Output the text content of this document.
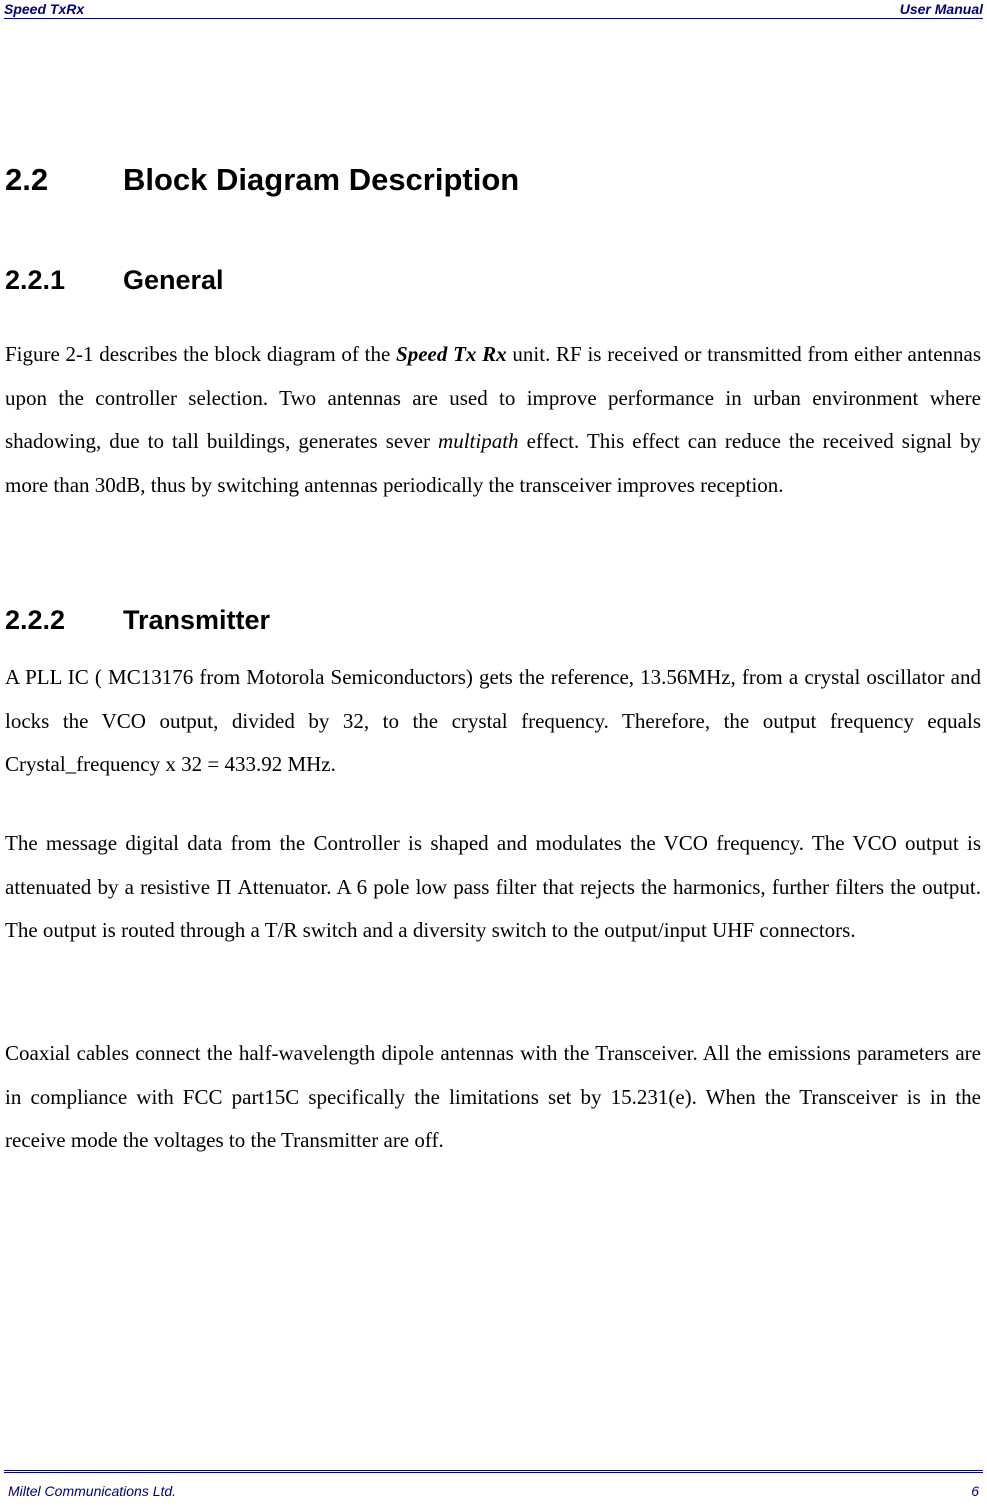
Speed TxRx	User Manual
2.2 Block Diagram Description
2.2.1 General

Figure 2-1 describes the block diagram of the Speed Tx Rx unit. RF is received or transmitted from either antennas upon the controller selection. Two antennas are used to improve performance in urban environment where shadowing, due to tall buildings, generates sever multipath effect. This effect can reduce the received signal by more than 30dB, thus by switching antennas periodically the transceiver improves reception.

2.2.2 Transmitter

A PLL IC ( MC13176 from Motorola Semiconductors) gets the reference, 13.56MHz, from a crystal oscillator and locks the VCO output, divided by 32, to the crystal frequency. Therefore, the output frequency equals Crystal_frequency x 32 = 433.92 MHz.

The message digital data from the Controller is shaped and modulates the VCO frequency. The VCO output is attenuated by a resistive Π Attenuator. A 6 pole low pass filter that rejects the harmonics, further filters the output. The output is routed through a T/R switch and a diversity switch to the output/input UHF connectors.

Coaxial cables connect the half-wavelength dipole antennas with the Transceiver. All the emissions parameters are in compliance with FCC part15C specifically the limitations set by 15.231(e). When the Transceiver is in the receive mode the voltages to the Transmitter are off.

Miltel Communications Ltd.	6
